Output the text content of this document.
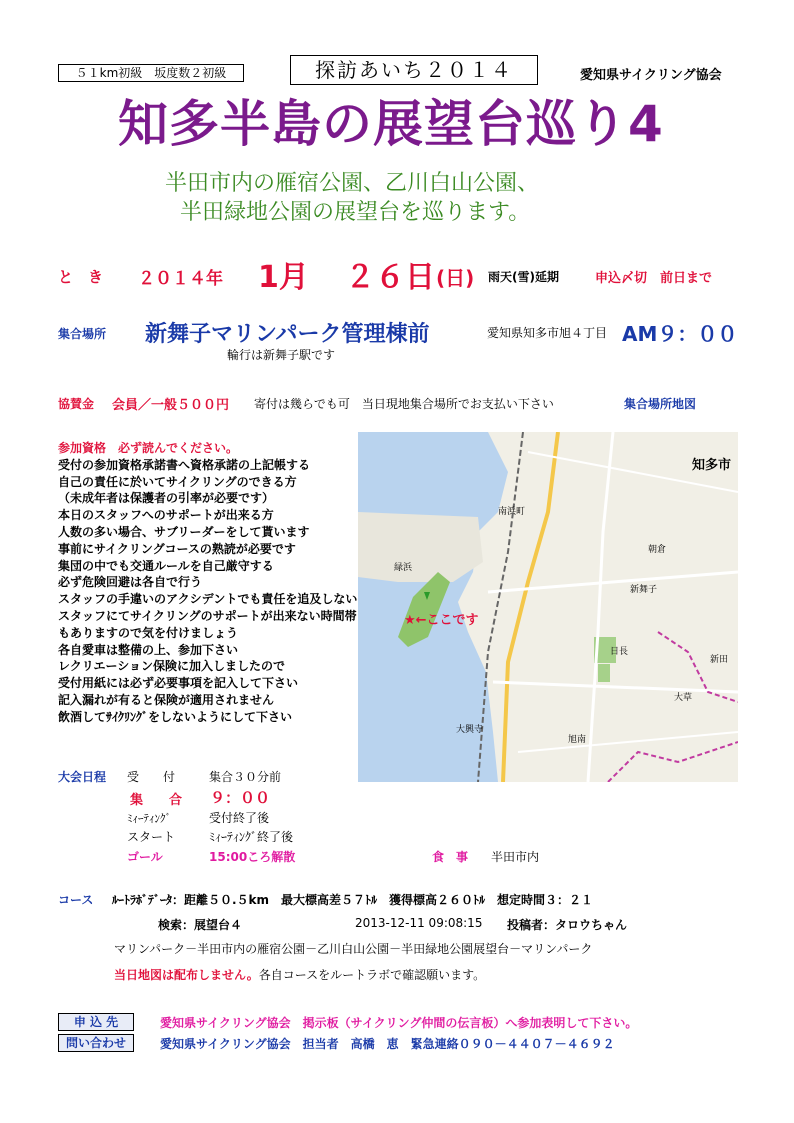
５１km初級　坂度数２初級	探訪あいち２０１４	愛知県サイクリング協会
知多半島の展望台巡り4
半田市内の雁宿公園、乙川白山公園、
半田緑地公園の展望台を巡ります。
と　き ２０１４年 1月 ２６日 (日) 雨天(雪)延期	申込〆切　前日まで
集合場所 新舞子マリンパーク管理棟前	愛知県知多市旭４丁目 AM９：００
輪行は新舞子駅です
協賛金 会員／一般５００円 寄付は幾らでも可　当日現地集合場所でお支払い下さい	集合場所地図
参加資格　 必ず読んでください。
受付の参加資格承諾書へ資格承諾の上記帳する
自己の責任に於いてサイクリングのできる方
（未成年者は保護者の引率が必要です）
本日のスタッフへのサポートが出来る方
人数の多い場合、サブリーダーをして貰います
事前にサイクリングコースの熟読が必要です
集団の中でも交通ルールを自己厳守する
必ず危険回避は各自で行う
スタッフの手違いのアクシデントでも責任を追及しない
スタッフにてサイクリングのサポートが出来ない時間帯
もありますので気を付けましょう
各自愛車は整備の上、参加下さい
レクリエーション保険に加入しましたので
受付用紙には必ず必要事項を記入して下さい
記入漏れが有ると保険が適用されません
飲酒してｻｲｸﾘﾝｸﾞをしないようにして下さい
★←ここです
知多市
新舞子
南浜町
日長
大草
大興寺
旭南
新田
朝倉
緑浜
大会日程 受　　付	集合３０分前
集　　合 ９：００
ﾐｨｰﾃｨﾝｸﾞ	受付終了後
スタート	ﾐｨｰﾃｨﾝｸﾞ終了後
ゴール	15:00ころ解散	食　事 半田市内
コース ﾙｰﾄﾗﾎﾞﾃﾞｰﾀ：距離５０.５km　最大標高差５７ﾄﾙ　獲得標高２６０ﾄﾙ　想定時間３：２１
検索：展望台４	2013-12-11 09:08:15 投稿者：タロウちゃん
マリンパーク－半田市内の雁宿公園－乙川白山公園－半田緑地公園展望台－マリンパーク
当日地図は配布しません。各自コースをルートラボで確認願います。
申 込 先	愛知県サイクリング協会　掲示板（サイクリング仲間の伝言板）へ参加表明して下さい。
問い合わせ	愛知県サイクリング協会　担当者　高橋　恵　緊急連絡０９０－４４０７－４６９２
